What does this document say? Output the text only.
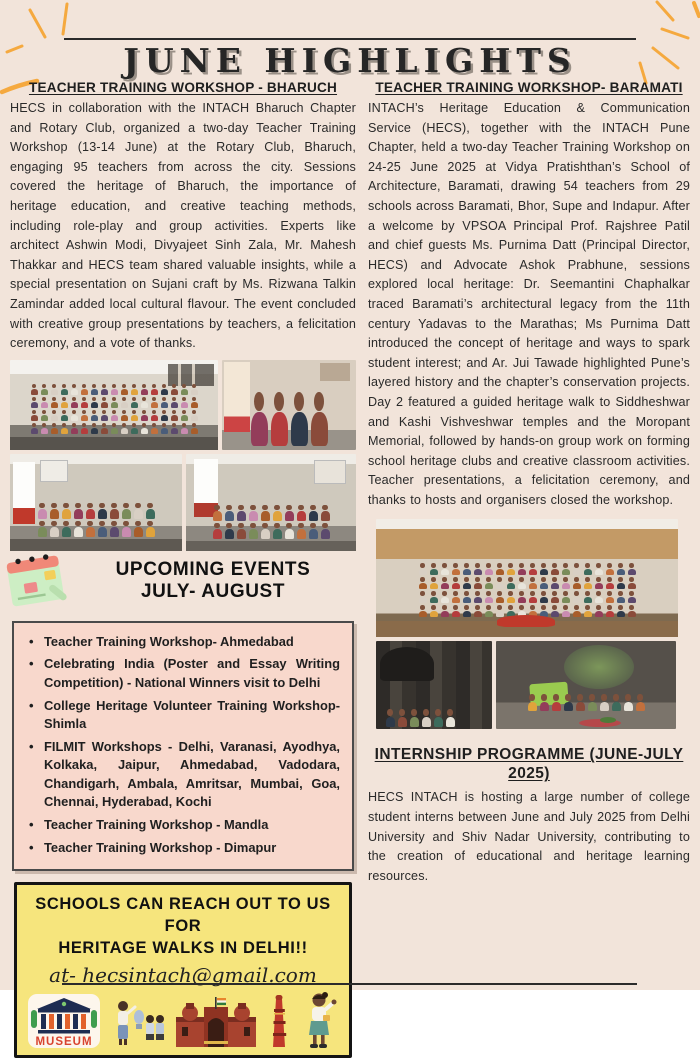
JUNE HIGHLIGHTS
TEACHER TRAINING WORKSHOP - BHARUCH

HECS in collaboration with the INTACH Bharuch Chapter and Rotary Club, organized a two-day Teacher Training Workshop (13-14 June) at the Rotary Club, Bharuch, engaging 95 teachers from across the city. Sessions covered the heritage of Bharuch, the importance of heritage education, and creative teaching methods, including role-play and group activities. Experts like architect Ashwin Modi, Divyajeet Sinh Zala, Mr. Mahesh Thakkar and HECS team shared valuable insights, while a special presentation on Sujani craft by Ms. Rizwana Talkin Zamindar added local cultural flavour. The event concluded with creative group presentations by teachers, a felicitation ceremony, and a vote of thanks.

UPCOMING EVENTS
JULY- AUGUST
• Teacher Training Workshop- Ahmedabad
• Celebrating India (Poster and Essay Writing Competition) - National Winners visit to Delhi
• College Heritage Volunteer Training Workshop- Shimla
• FILMIT Workshops - Delhi, Varanasi, Ayodhya, Kolkaka, Jaipur, Ahmedabad, Vadodara, Chandigarh, Ambala, Amritsar, Mumbai, Goa, Chennai, Hyderabad, Kochi
• Teacher Training Workshop - Mandla
• Teacher Training Workshop - Dimapur
SCHOOLS CAN REACH OUT TO US FOR
HERITAGE WALKS IN DELHI!!
at- hecsintach@gmail.com
MUSEUM
TEACHER TRAINING WORKSHOP- BARAMATI

INTACH’s Heritage Education & Communication Service (HECS), together with the INTACH Pune Chapter, held a two-day Teacher Training Workshop on 24-25 June 2025 at Vidya Pratishthan’s School of Architecture, Baramati, drawing 54 teachers from 29 schools across Baramati, Bhor, Supe and Indapur. After a welcome by VPSOA Principal Prof. Rajshree Patil and chief guests Ms. Purnima Datt (Principal Director, HECS) and Advocate Ashok Prabhune, sessions explored local heritage: Dr. Seemantini Chaphalkar traced Baramati’s architectural legacy from the 11th century Yadavas to the Marathas; Ms Purnima Datt introduced the concept of heritage and ways to spark student interest; and Ar. Jui Tawade highlighted Pune’s layered history and the chapter’s conservation projects. Day 2 featured a guided heritage walk to Siddheshwar and Kashi Vishveshwar temples and the Moropant Memorial, followed by hands-on group work on forming school heritage clubs and creative classroom activities. Teacher presentations, a felicitation ceremony, and thanks to hosts and organisers closed the workshop.

INTERNSHIP PROGRAMME (JUNE-JULY 2025)

HECS INTACH is hosting a large number of college student interns between June and July 2025 from Delhi University and Shiv Nadar University, contributing to the creation of educational and heritage learning resources.
